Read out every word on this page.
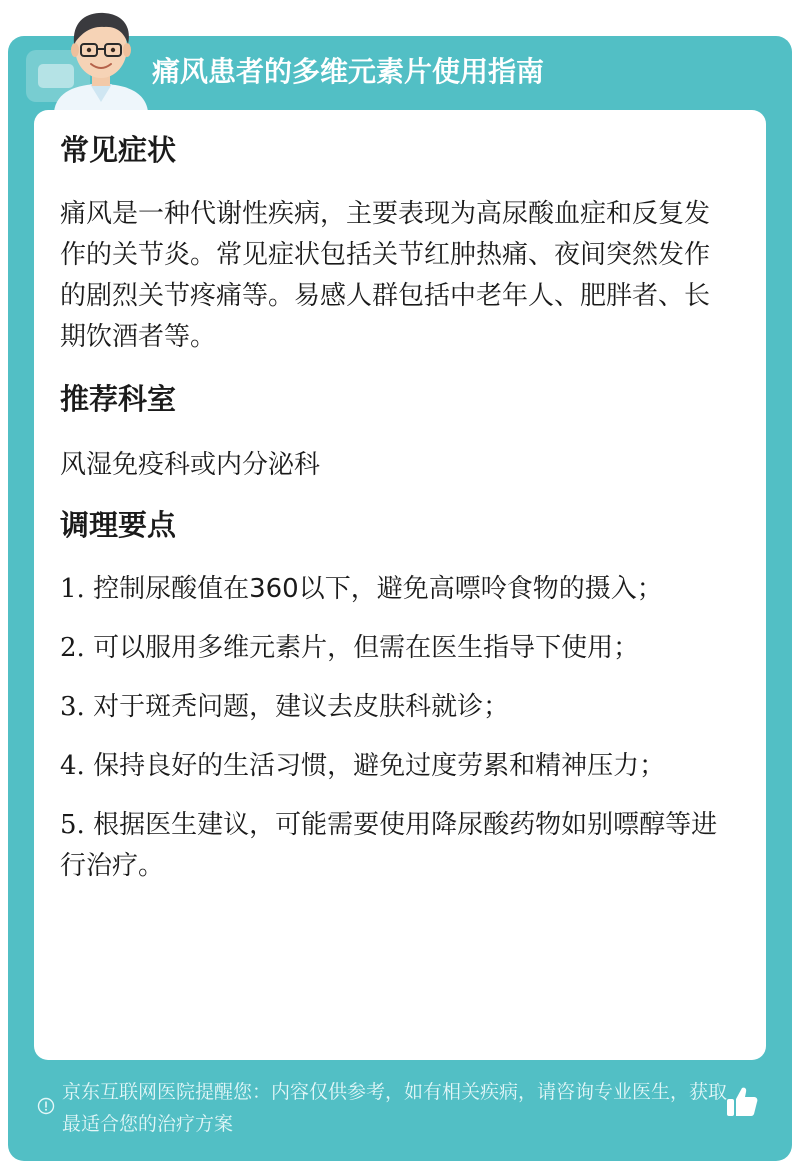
痛风患者的多维元素片使用指南
常见症状

痛风是一种代谢性疾病，主要表现为高尿酸血症和反复发作的关节炎。常见症状包括关节红肿热痛、夜间突然发作的剧烈关节疼痛等。易感人群包括中老年人、肥胖者、长期饮酒者等。

推荐科室

风湿免疫科或内分泌科

调理要点
1. 控制尿酸值在360以下，避免高嘌呤食物的摄入；
2. 可以服用多维元素片，但需在医生指导下使用；
3. 对于斑秃问题，建议去皮肤科就诊；
4. 保持良好的生活习惯，避免过度劳累和精神压力；
5. 根据医生建议，可能需要使用降尿酸药物如别嘌醇等进行治疗。
京东互联网医院提醒您：内容仅供参考，如有相关疾病，请咨询专业医生，获取最适合您的治疗方案
